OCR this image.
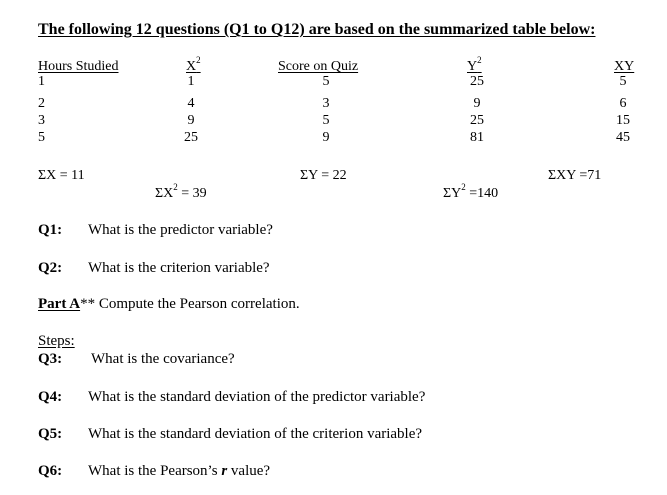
The following 12 questions (Q1 to Q12) are based on the summarized table below:
Hours Studied	$X^2$	Score on Quiz	$Y^2$	XY
1	1	5	25	5
2	4	3	9	6
3	9	5	25	15
5	25	9	81	45
ΣX = 11	ΣY = 22	ΣXY =71
$\Sigma X^2 = 39$	$\Sigma Y^2 =140$
Q1: What is the predictor variable?
Q2: What is the criterion variable?
Part A** Compute the Pearson correlation.
Steps:
Q3: What is the covariance?
Q4: What is the standard deviation of the predictor variable?
Q5: What is the standard deviation of the criterion variable?
Q6: What is the Pearson’s r value?
